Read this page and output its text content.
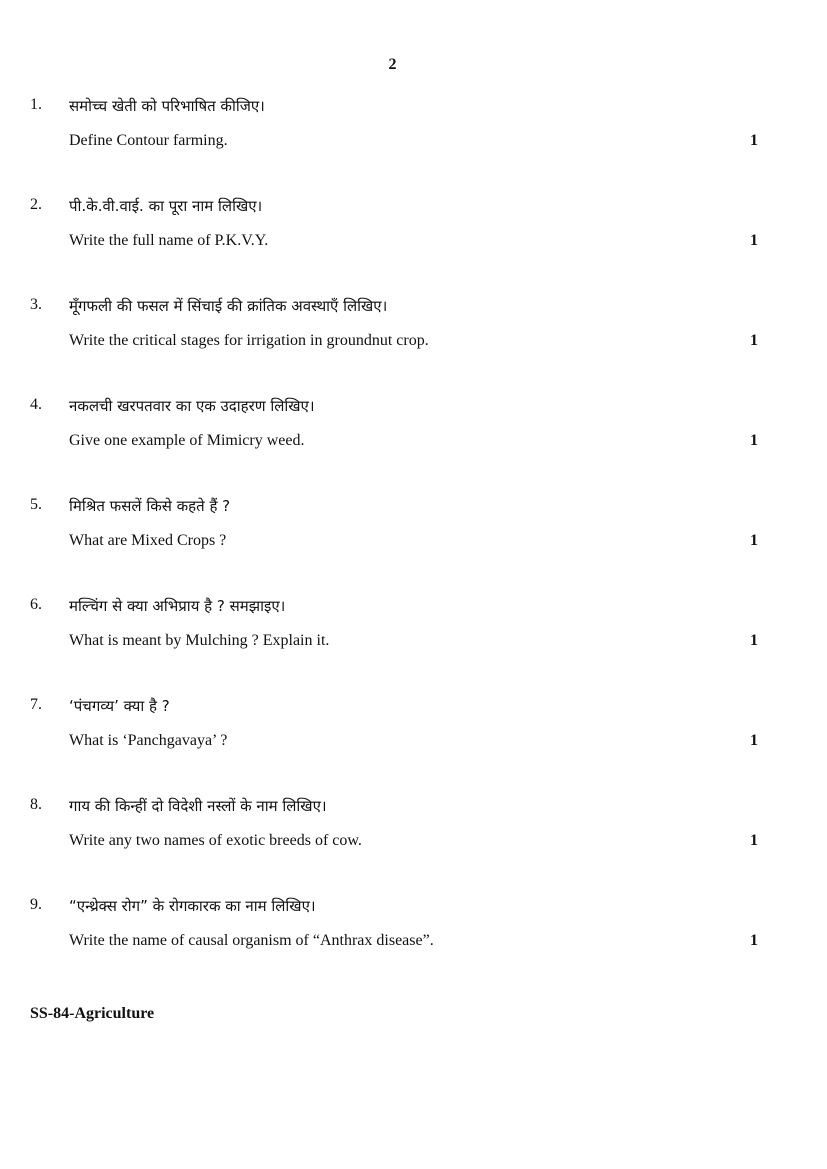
2
1. समोच्च खेती को परिभाषित कीजिए।
Define Contour farming.	1
2. पी.के.वी.वाई. का पूरा नाम लिखिए।
Write the full name of P.K.V.Y.	1
3. मूँगफली की फसल में सिंचाई की क्रांतिक अवस्थाएँ लिखिए।
Write the critical stages for irrigation in groundnut crop.	1
4. नकलची खरपतवार का एक उदाहरण लिखिए।
Give one example of Mimicry weed.	1
5. मिश्रित फसलें किसे कहते हैं ?
What are Mixed Crops ?	1
6. मल्चिंग से क्या अभिप्राय है ? समझाइए।
What is meant by Mulching ? Explain it.	1
7. ‘पंचगव्य’ क्या है ?
What is ‘Panchgavaya’ ?	1
8. गाय की किन्हीं दो विदेशी नस्लों के नाम लिखिए।
Write any two names of exotic breeds of cow.	1
9. “एन्थ्रेक्स रोग” के रोगकारक का नाम लिखिए।
Write the name of causal organism of “Anthrax disease”.	1
SS-84-Agriculture
